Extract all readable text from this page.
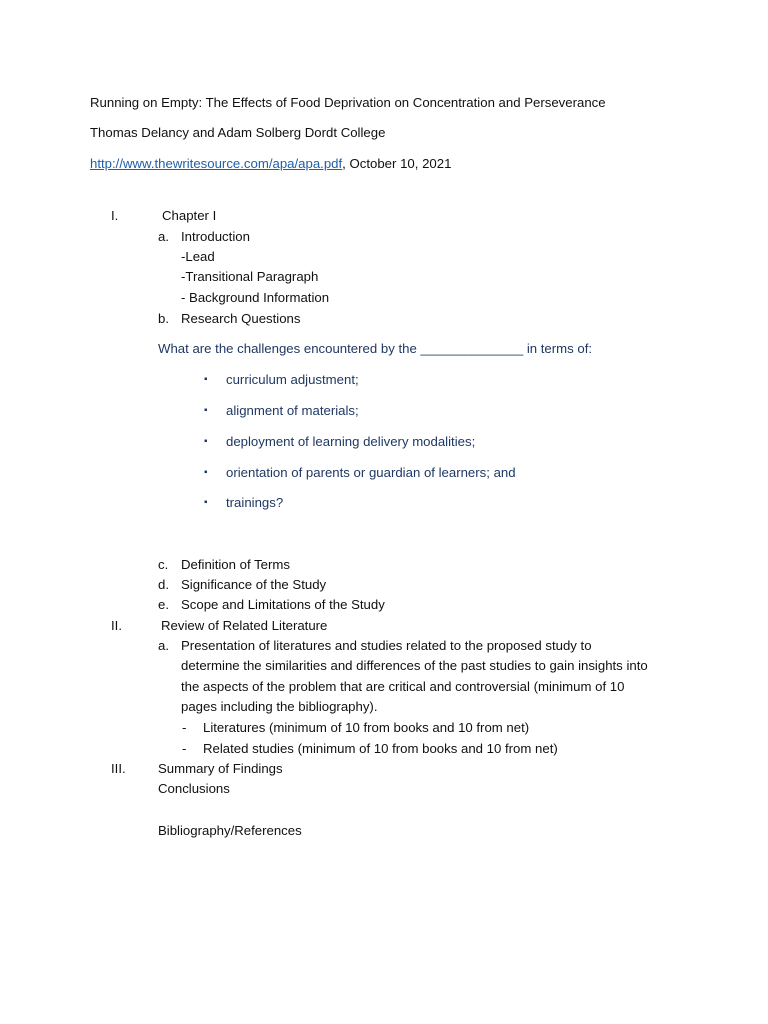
Running on Empty: The Effects of Food Deprivation on Concentration and Perseverance
Thomas Delancy and Adam Solberg Dordt College
http://www.thewritesource.com/apa/apa.pdf, October 10, 2021
I.	Chapter I
a. Introduction
-Lead
-Transitional Paragraph
- Background Information
b. Research Questions
What are the challenges encountered by the ______________ in terms of:
▪ curriculum adjustment;
▪ alignment of materials;
▪ deployment of learning delivery modalities;
▪ orientation of parents or guardian of learners; and
▪ trainings?
c. Definition of Terms
d. Significance of the Study
e. Scope and Limitations of the Study
II.	Review of Related Literature
a. Presentation of literatures and studies related to the proposed study to
determine the similarities and differences of the past studies to gain insights into
the aspects of the problem that are critical and controversial (minimum of 10
pages including the bibliography).
- Literatures (minimum of 10 from books and 10 from net)
- Related studies (minimum of 10 from books and 10 from net)
III. Summary of Findings
Conclusions
Bibliography/References
